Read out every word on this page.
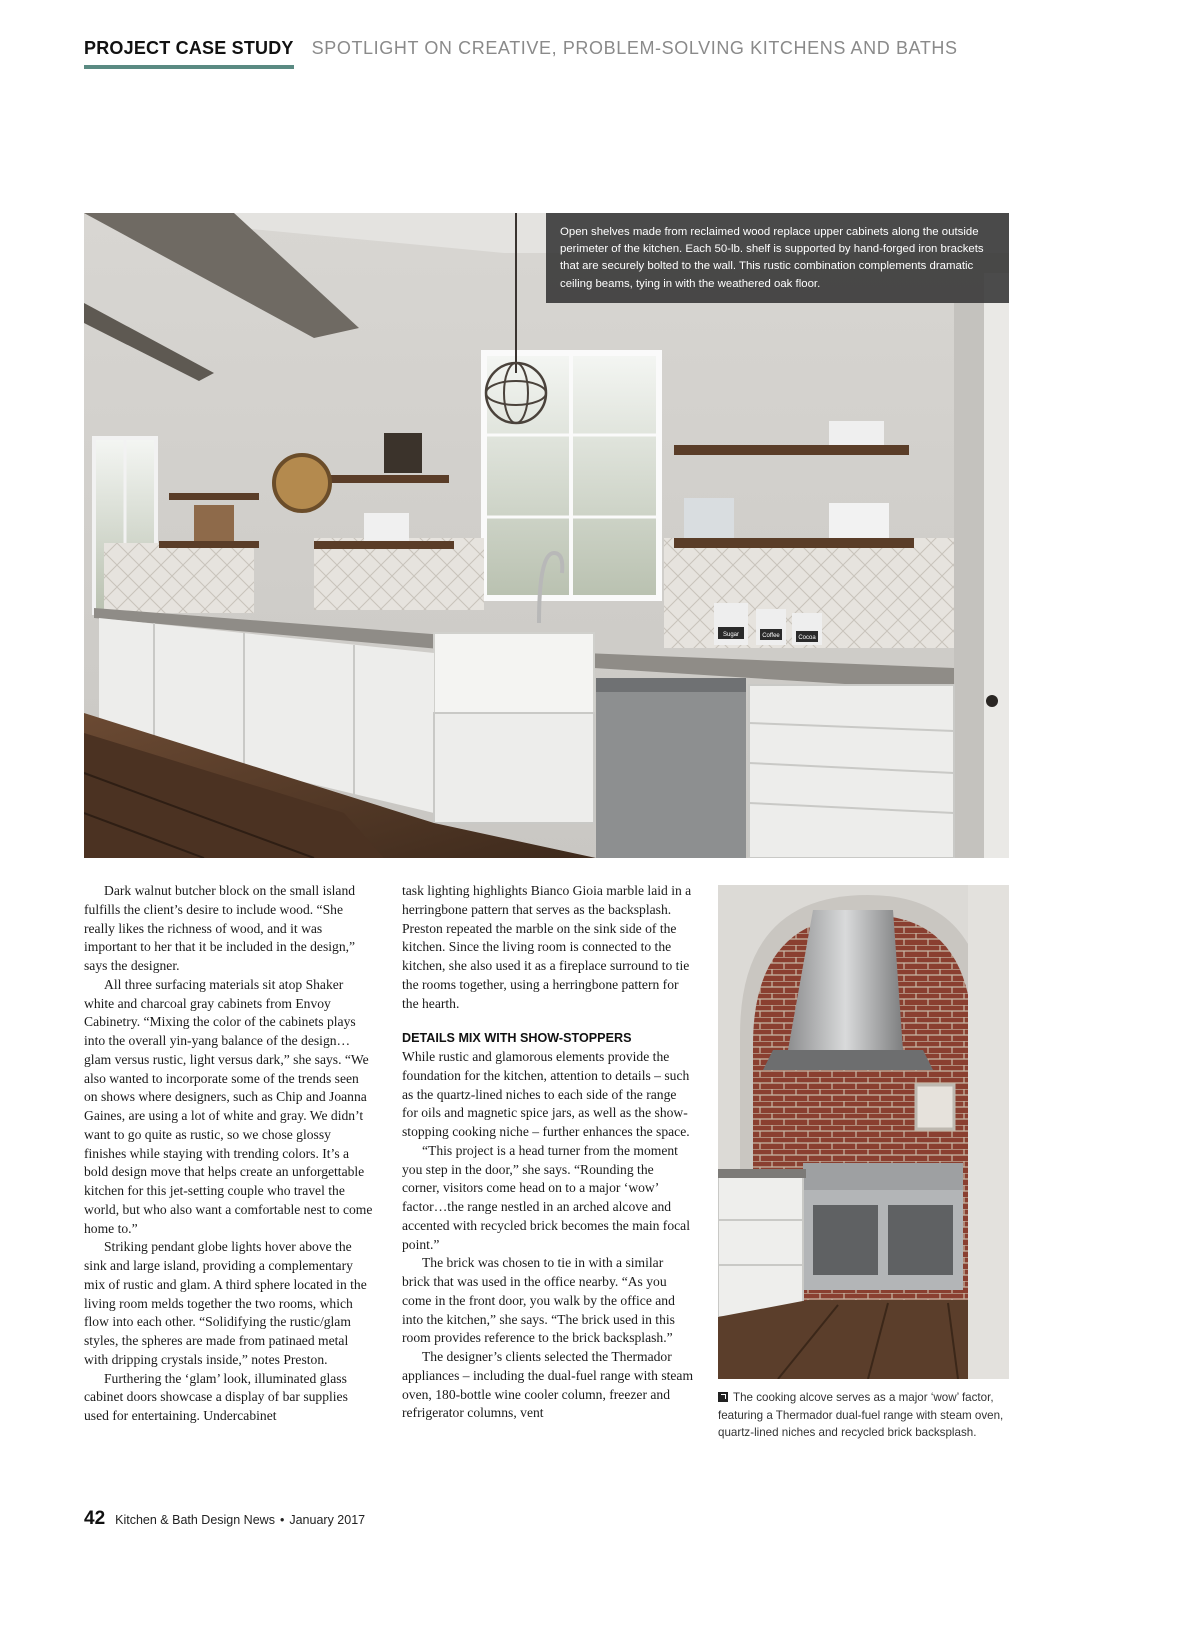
PROJECT CASE STUDY SPOTLIGHT ON CREATIVE, PROBLEM-SOLVING KITCHENS AND BATHS
Sugar	Coffee	Cocoa
Open shelves made from reclaimed wood replace upper cabinets along the outside perimeter of the kitchen. Each 50-lb. shelf is supported by hand-forged iron brackets that are securely bolted to the wall. This rustic combination complements dramatic ceiling beams, tying in with the weathered oak floor.

Dark walnut butcher block on the small island fulfills the client’s desire to include wood. “She really likes the richness of wood, and it was important to her that it be included in the design,” says the designer.

All three surfacing materials sit atop Shaker white and charcoal gray cabinets from Envoy Cabinetry. “Mixing the color of the cabinets plays into the overall yin-yang balance of the design…glam versus rustic, light versus dark,” she says. “We also wanted to incorporate some of the trends seen on shows where designers, such as Chip and Joanna Gaines, are using a lot of white and gray. We didn’t want to go quite as rustic, so we chose glossy finishes while staying with trending colors. It’s a bold design move that helps create an unforgettable kitchen for this jet-setting couple who travel the world, but who also want a comfortable nest to come home to.”

Striking pendant globe lights hover above the sink and large island, providing a complementary mix of rustic and glam. A third sphere located in the living room melds together the two rooms, which flow into each other. “Solidifying the rustic/glam styles, the spheres are made from patinaed metal with dripping crystals inside,” notes Preston.

Furthering the ‘glam’ look, illuminated glass cabinet doors showcase a display of bar supplies used for entertaining. Undercabinet

task lighting highlights Bianco Gioia marble laid in a herringbone pattern that serves as the backsplash. Preston repeated the marble on the sink side of the kitchen. Since the living room is connected to the kitchen, she also used it as a fireplace surround to tie the rooms together, using a herringbone pattern for the hearth.

DETAILS MIX WITH SHOW-STOPPERS

While rustic and glamorous elements provide the foundation for the kitchen, attention to details – such as the quartz-lined niches to each side of the range for oils and magnetic spice jars, as well as the show-stopping cooking niche – further enhances the space.

“This project is a head turner from the moment you step in the door,” she says. “Rounding the corner, visitors come head on to a major ‘wow’ factor…the range nestled in an arched alcove and accented with recycled brick becomes the main focal point.”

The brick was chosen to tie in with a similar brick that was used in the office nearby. “As you come in the front door, you walk by the office and into the kitchen,” she says. “The brick used in this room provides reference to the brick backsplash.”

The designer’s clients selected the Thermador appliances – including the dual-fuel range with steam oven, 180-bottle wine cooler column, freezer and refrigerator columns, vent

The cooking alcove serves as a major ‘wow’ factor, featuring a Thermador dual-fuel range with steam oven, quartz-lined niches and recycled brick backsplash.
42 Kitchen & Bath Design News • January 2017
